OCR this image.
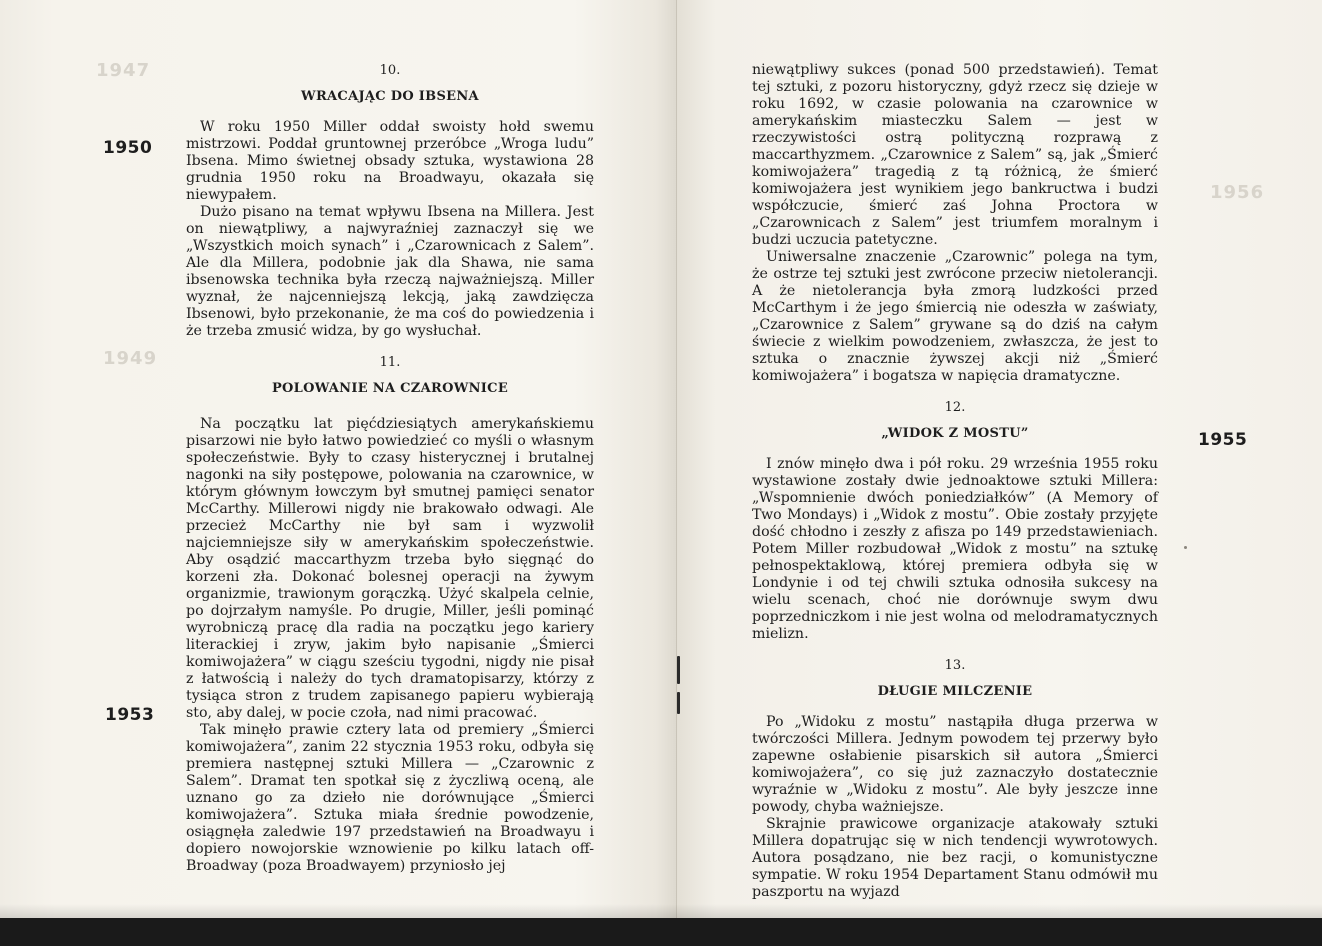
1947
1949
1950
1953
10.
WRACAJĄC DO IBSENA

W roku 1950 Miller oddał swoisty hołd swemu mistrzowi. Poddał gruntownej przeróbce „Wroga ludu” Ibsena. Mimo świetnej obsady sztuka, wystawiona 28 grudnia 1950 roku na Broadwayu, okazała się niewypałem.

Dużo pisano na temat wpływu Ibsena na Millera. Jest on niewątpliwy, a najwyraźniej zaznaczył się we „Wszystkich moich synach” i „Czarownicach z Salem”. Ale dla Millera, podobnie jak dla Shawa, nie sama ibsenowska technika była rzeczą najważniejszą. Miller wyznał, że najcenniejszą lekcją, jaką zawdzięcza Ibsenowi, było przekonanie, że ma coś do powiedzenia i że trzeba zmusić widza, by go wysłuchał.

11.
POLOWANIE NA CZAROWNICE

Na początku lat pięćdziesiątych amerykańskiemu pisarzowi nie było łatwo powiedzieć co myśli o własnym społeczeństwie. Były to czasy histerycznej i brutalnej nagonki na siły postępowe, polowania na czarownice, w którym głównym łowczym był smutnej pamięci senator McCarthy. Millerowi nigdy nie brakowało odwagi. Ale przecież McCarthy nie był sam i wyzwolił najciemniejsze siły w amerykańskim społeczeństwie. Aby osądzić maccarthyzm trzeba było sięgnąć do korzeni zła. Dokonać bolesnej operacji na żywym organizmie, trawionym gorączką. Użyć skalpela celnie, po dojrzałym namyśle. Po drugie, Miller, jeśli pominąć wyrobniczą pracę dla radia na początku jego kariery literackiej i zryw, jakim było napisanie „Śmierci komiwojażera” w ciągu sześciu tygodni, nigdy nie pisał z łatwością i należy do tych dramatopisarzy, którzy z tysiąca stron z trudem zapisanego papieru wybierają sto, aby dalej, w pocie czoła, nad nimi pracować.

Tak minęło prawie cztery lata od premiery „Śmierci komiwojażera”, zanim 22 stycznia 1953 roku, odbyła się premiera następnej sztuki Millera — „Czarownic z Salem”. Dramat ten spotkał się z życzliwą oceną, ale uznano go za dzieło nie dorównujące „Śmierci komiwojażera”. Sztuka miała średnie powodzenie, osiągnęła zaledwie 197 przedstawień na Broadwayu i dopiero nowojorskie wznowienie po kilku latach off-Broadway (poza Broadwayem) przyniosło jej

1956
1955

niewątpliwy sukces (ponad 500 przedstawień). Temat tej sztuki, z pozoru historyczny, gdyż rzecz się dzieje w roku 1692, w czasie polowania na czarownice w amerykańskim miasteczku Salem — jest w rzeczywistości ostrą polityczną rozprawą z maccarthyzmem. „Czarownice z Salem” są, jak „Śmierć komiwojażera” tragedią z tą różnicą, że śmierć komiwojażera jest wynikiem jego bankructwa i budzi współczucie, śmierć zaś Johna Proctora w „Czarownicach z Salem” jest triumfem moralnym i budzi uczucia patetyczne.

Uniwersalne znaczenie „Czarownic” polega na tym, że ostrze tej sztuki jest zwrócone przeciw nietolerancji. A że nietolerancja była zmorą ludzkości przed McCarthym i że jego śmiercią nie odeszła w zaświaty, „Czarownice z Salem” grywane są do dziś na całym świecie z wielkim powodzeniem, zwłaszcza, że jest to sztuka o znacznie żywszej akcji niż „Śmierć komiwojażera” i bogatsza w napięcia dramatyczne.

12.
„WIDOK Z MOSTU”

I znów minęło dwa i pół roku. 29 września 1955 roku wystawione zostały dwie jednoaktowe sztuki Millera: „Wspomnienie dwóch poniedziałków” (A Memory of Two Mondays) i „Widok z mostu”. Obie zostały przyjęte dość chłodno i zeszły z afisza po 149 przedstawieniach. Potem Miller rozbudował „Widok z mostu” na sztukę pełnospektaklową, której premiera odbyła się w Londynie i od tej chwili sztuka odnosiła sukcesy na wielu scenach, choć nie dorównuje swym dwu poprzedniczkom i nie jest wolna od melodramatycznych mielizn.

13.
DŁUGIE MILCZENIE

Po „Widoku z mostu” nastąpiła długa przerwa w twórczości Millera. Jednym powodem tej przerwy było zapewne osłabienie pisarskich sił autora „Śmierci komiwojażera”, co się już zaznaczyło dostatecznie wyraźnie w „Widoku z mostu”. Ale były jeszcze inne powody, chyba ważniejsze.

Skrajnie prawicowe organizacje atakowały sztuki Millera dopatrując się w nich tendencji wywrotowych. Autora posądzano, nie bez racji, o komunistyczne sympatie. W roku 1954 Departament Stanu odmówił mu paszportu na wyjazd
